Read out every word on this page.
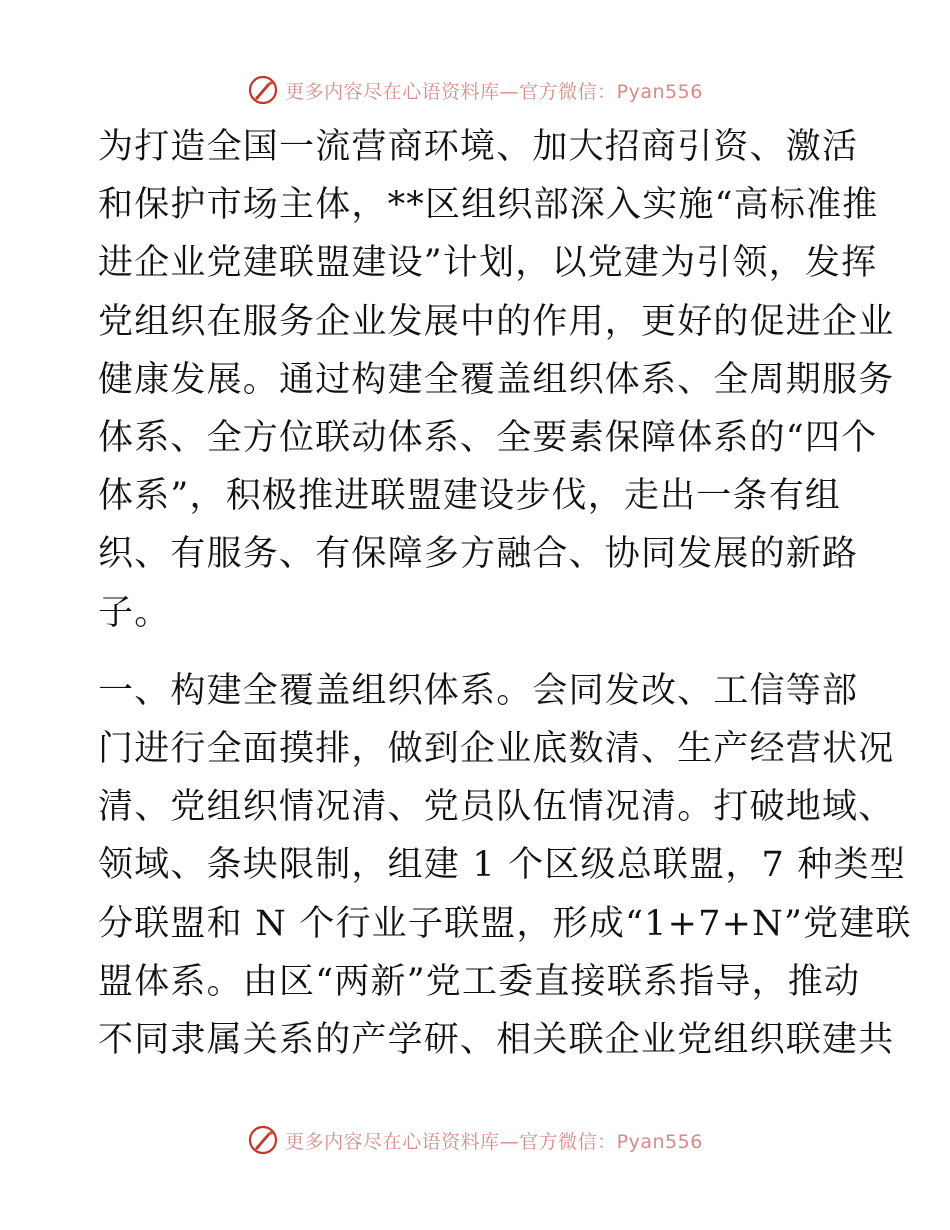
更多内容尽在心语资料库—官方微信：Pyan556

为打造全国一流营商环境、加大招商引资、激活
和保护市场主体，**区组织部深入实施“高标准推
进企业党建联盟建设”计划，以党建为引领，发挥
党组织在服务企业发展中的作用，更好的促进企业
健康发展。通过构建全覆盖组织体系、全周期服务
体系、全方位联动体系、全要素保障体系的“四个
体系”，积极推进联盟建设步伐，走出一条有组
织、有服务、有保障多方融合、协同发展的新路
子。

一、构建全覆盖组织体系。会同发改、工信等部
门进行全面摸排，做到企业底数清、生产经营状况
清、党组织情况清、党员队伍情况清。打破地域、
领域、条块限制，组建 1 个区级总联盟，7 种类型
分联盟和 N 个行业子联盟，形成“1+7+N”党建联
盟体系。由区“两新”党工委直接联系指导，推动
不同隶属关系的产学研、相关联企业党组织联建共

更多内容尽在心语资料库—官方微信：Pyan556
